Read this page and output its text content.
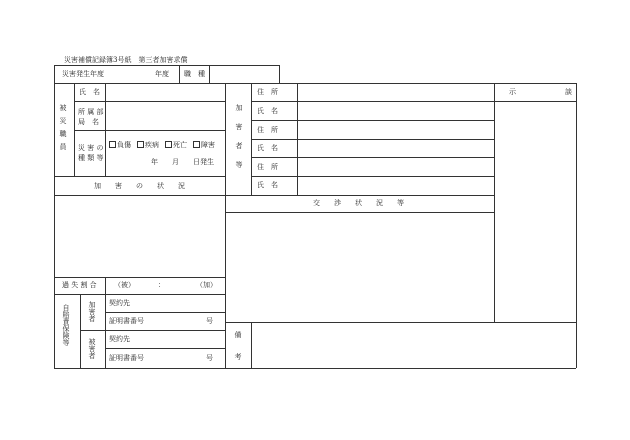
災害補償記録簿3号紙　第三者加害求償
災害発生年度	年度 職　種
被災職員
氏　名
所 属 部
局　名
災 害 の
種 類 等
負傷	疾病	死亡	障害
年　　月　　日発生
加　　害　　の　　状　　況
過 失 割 合 （被）	：	（加）
自賠責保険等	加害者
被害者
契約先
証明書番号	号
契約先
証明書番号	号
加害者等
住　所
氏　名
住　所
氏　名
住　所
氏　名
示　　　　　　　談
交　　渉　　状　　況　　等
備　考
